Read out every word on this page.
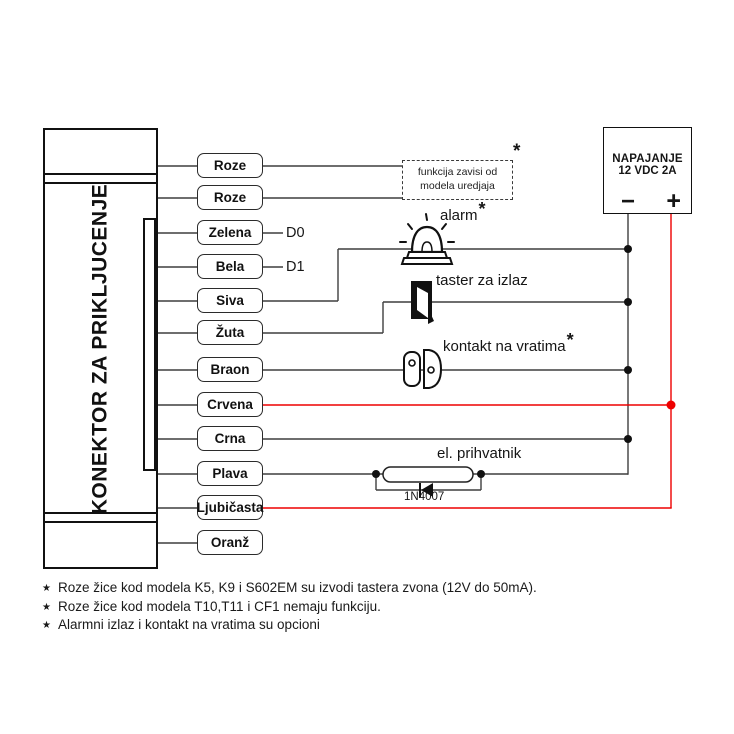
KONEKTOR ZA PRIKLJUCENJE
Roze
Roze
Zelena
Bela
Siva
Žuta
Braon
Crvena
Crna
Plava
Ljubičasta
Oranž
D0
D1
funkcija zavisi od
modela uredjaja
*
alarm*
taster za izlaz
kontakt na vratima*
el. prihvatnik
1N4007
NAPAJANJE
12 VDC 2A
− +
★ Roze žice kod modela K5, K9 i S602EM su izvodi tastera zvona (12V do 50mA).
★ Roze žice kod modela T10,T11 i CF1 nemaju funkciju.
★ Alarmni izlaz i kontakt na vratima su opcioni
